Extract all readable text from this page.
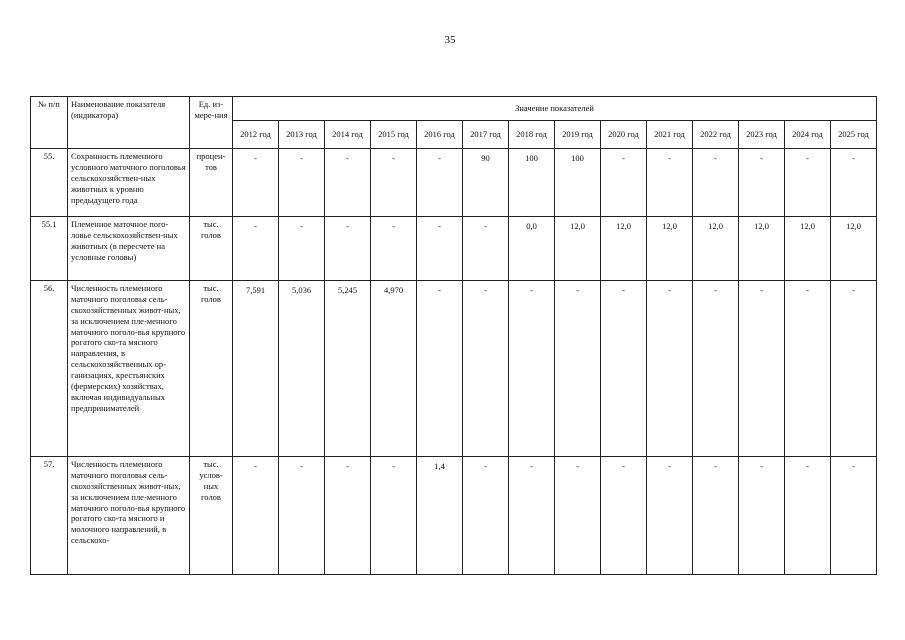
35
№ п/п	Наименование показателя (индикатора)	Ед. из-мере-ния	Значение показателей													
			2012 год	2013 год	2014 год	2015 год	2016 год	2017 год	2018 год	2019 год	2020 год	2021 год	2022 год	2023 год	2024 год	2025 год
55.	Сохранность племенного условного маточного поголовья сельскохозяйствен-ных животных к уровню предыдущего года	процен-тов	-	-	-	-	-	90	100	100	-	-	-	-	-	-
55.1	Племенное маточное пого-ловье сельскохозяйствен-ных животных (в пересчете на условные головы)	тыс. голов	-	-	-	-	-	-	0,0	12,0	12,0	12,0	12,0	12,0	12,0	12,0
56.	Численность племенного маточного поголовья сель-скохозяйственных живот-ных, за исключением пле-менного маточного поголо-вья крупного рогатого ско-та мясного направления, в сельскохозяйственных ор-ганизациях, крестьянских (фермерских) хозяйствах, включая индивидуальных предпринимателей	тыс. голов	7,591	5,036	5,245	4,970	-	-	-	-	-	-	-	-	-	-
57.	Численность племенного маточного поголовья сель-скохозяйственных живот-ных, за исключением пле-менного маточного поголо-вья крупного рогатого ско-та мясного и молочного направлений, в сельскохо-	тыс. услов-ных голов	-	-	-	-	1,4	-	-	-	-	-	-	-	-	-
